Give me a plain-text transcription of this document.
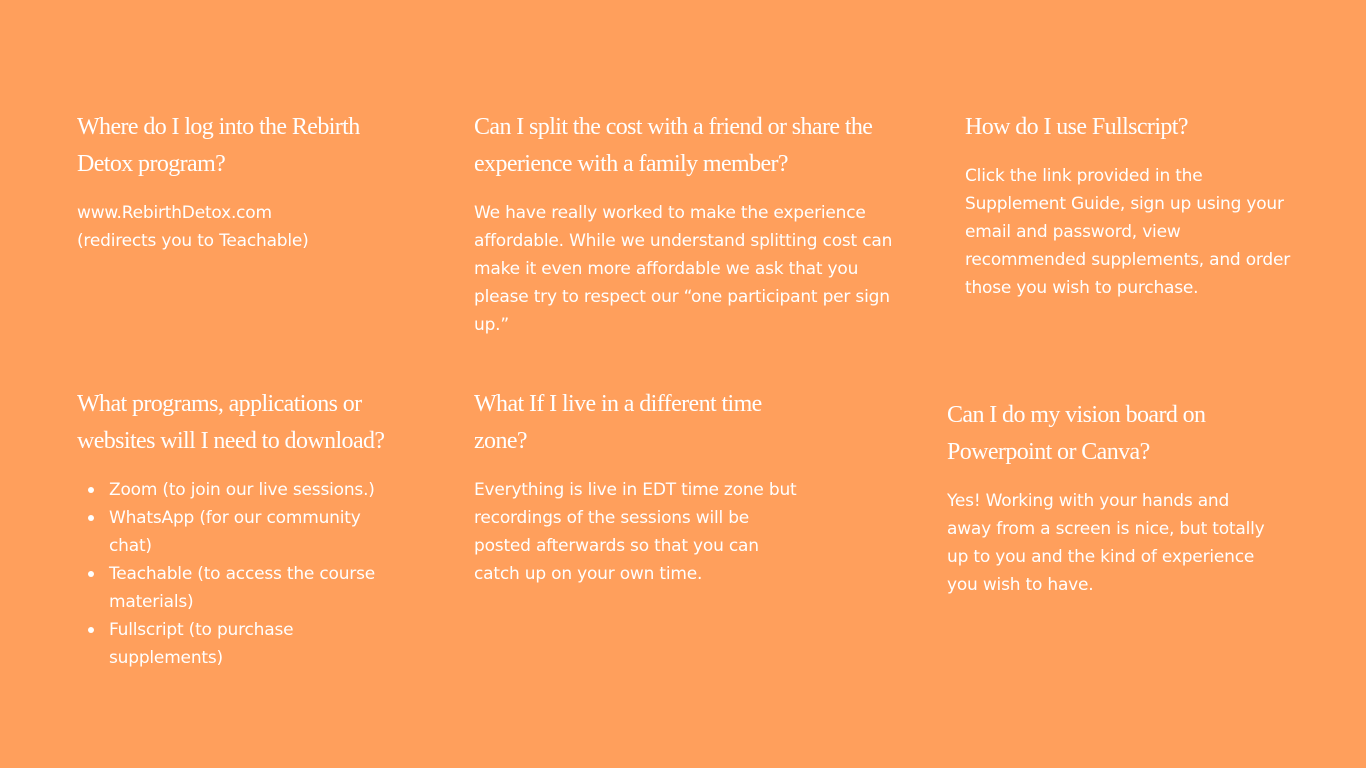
Where do I log into the Rebirth Detox program?

www.RebirthDetox.com
(redirects you to Teachable)

Can I split the cost with a friend or share the experience with a family member?

We have really worked to make the experience affordable. While we understand splitting cost can make it even more affordable we ask that you please try to respect our “one participant per sign up.”

How do I use Fullscript?

Click the link provided in the Supplement Guide, sign up using your email and password, view recommended supplements, and order those you wish to purchase.

What programs, applications or websites will I need to download?
Zoom (to join our live sessions.)
WhatsApp (for our community chat)
Teachable (to access the course materials)
Fullscript (to purchase supplements)
What If I live in a different time zone?

Everything is live in EDT time zone but recordings of the sessions will be posted afterwards so that you can catch up on your own time.

Can I do my vision board on Powerpoint or Canva?

Yes! Working with your hands and away from a screen is nice, but totally up to you and the kind of experience you wish to have.
